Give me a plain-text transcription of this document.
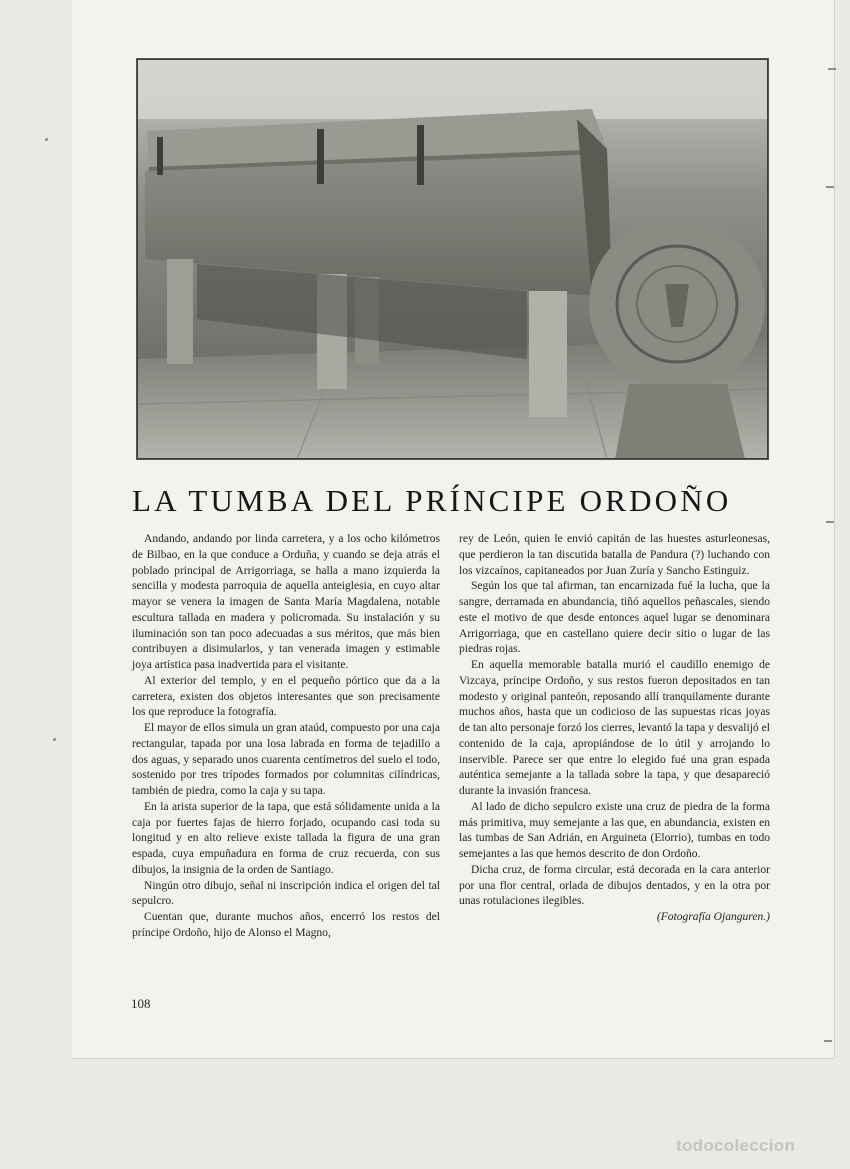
LA TUMBA DEL PRÍNCIPE ORDOÑO

Andando, andando por linda carretera, y a los ocho kilómetros de Bilbao, en la que conduce a Orduña, y cuando se deja atrás el poblado principal de Arrigorriaga, se halla a mano izquierda la sencilla y modesta parroquia de aquella anteiglesia, en cuyo altar mayor se venera la imagen de Santa María Magdalena, notable escultura tallada en madera y policromada. Su instalación y su iluminación son tan poco adecuadas a sus méritos, que más bien contribuyen a disimularlos, y tan venerada imagen y estimable joya artística pasa inadvertida para el visitante.

Al exterior del templo, y en el pequeño pórtico que da a la carretera, existen dos objetos interesantes que son precisamente los que reproduce la fotografía.

El mayor de ellos simula un gran ataúd, compuesto por una caja rectangular, tapada por una losa labrada en forma de tejadillo a dos aguas, y separado unos cuarenta centímetros del suelo el todo, sostenido por tres trípodes formados por columnitas cilíndricas, también de piedra, como la caja y su tapa.

En la arista superior de la tapa, que está sólidamente unida a la caja por fuertes fajas de hierro forjado, ocupando casi toda su longitud y en alto relieve existe tallada la figura de una gran espada, cuya empuñadura en forma de cruz recuerda, con sus dibujos, la insignia de la orden de Santiago.

Ningún otro dibujo, señal ni inscripción indica el origen del tal sepulcro.

Cuentan que, durante muchos años, encerró los restos del príncipe Ordoño, hijo de Alonso el Magno,

rey de León, quien le envió capitán de las huestes asturleonesas, que perdieron la tan discutida batalla de Pandura (?) luchando con los vizcaínos, capitaneados por Juan Zuría y Sancho Estinguiz.

Según los que tal afirman, tan encarnizada fué la lucha, que la sangre, derramada en abundancia, tiñó aquellos peñascales, siendo este el motivo de que desde entonces aquel lugar se denominara Arrigorriaga, que en castellano quiere decir sitio o lugar de las piedras rojas.

En aquella memorable batalla murió el caudillo enemigo de Vizcaya, príncipe Ordoño, y sus restos fueron depositados en tan modesto y original panteón, reposando allí tranquilamente durante muchos años, hasta que un codicioso de las supuestas ricas joyas de tan alto personaje forzó los cierres, levantó la tapa y desvalijó el contenido de la caja, apropiándose de lo útil y arrojando lo inservible. Parece ser que entre lo elegido fué una gran espada auténtica semejante a la tallada sobre la tapa, y que desapareció durante la invasión francesa.

Al lado de dicho sepulcro existe una cruz de piedra de la forma más primitiva, muy semejante a las que, en abundancia, existen en las tumbas de San Adrián, en Arguineta (Elorrio), tumbas en todo semejantes a las que hemos descrito de don Ordoño.

Dicha cruz, de forma circular, está decorada en la cara anterior por una flor central, orlada de dibujos dentados, y en la otra por unas rotulaciones ilegibles.

(Fotografía Ojanguren.)

108
todocoleccion
